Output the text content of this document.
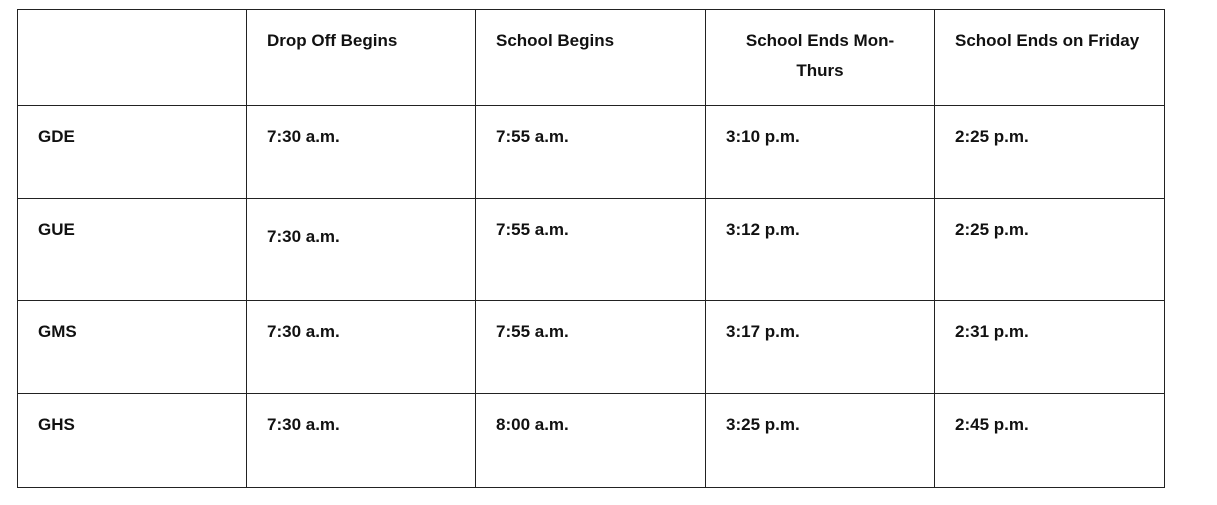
	Drop Off Begins	School Begins	School Ends Mon-Thurs	School Ends on Friday
GDE	7:30 a.m.	7:55 a.m.	3:10 p.m.	2:25 p.m.
GUE	7:30 a.m.	7:55 a.m.	3:12 p.m.	2:25 p.m.
GMS	7:30 a.m.	7:55 a.m.	3:17 p.m.	2:31 p.m.
GHS	7:30 a.m.	8:00 a.m.	3:25 p.m.	2:45 p.m.
